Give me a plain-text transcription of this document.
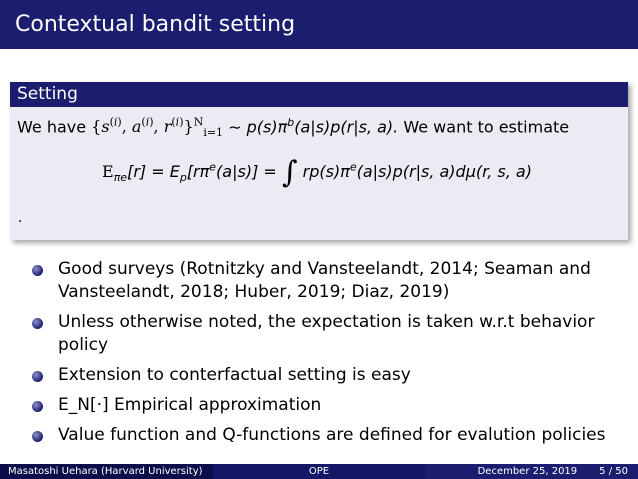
Contextual bandit setting
Setting
We have {$s^{(i)}$, $a^{(i)}$, $r^{(i)}\}^N_{i=1}$ ∼ $p(s)\pi^b(a|s)p(r|s$, a). We want to estimate
$E_{\pi e}[r] = E_p[r\pi^e(a|s)]$ = ∫ $rp(s)\pi^e(a|s)p(r|s$, a)dμ(r, s, a)
.
Good surveys (Rotnitzky and Vansteelandt, 2014; Seaman and Vansteelandt, 2018; Huber, 2019; Diaz, 2019)
Unless otherwise noted, the expectation is taken w.r.t behavior policy
Extension to conterfactual setting is easy
E_N[·] Empirical approximation
Value function and Q-functions are defined for evalution policies
Masatoshi Uehara (Harvard University)	OPE	December 25, 2019 5 / 50
